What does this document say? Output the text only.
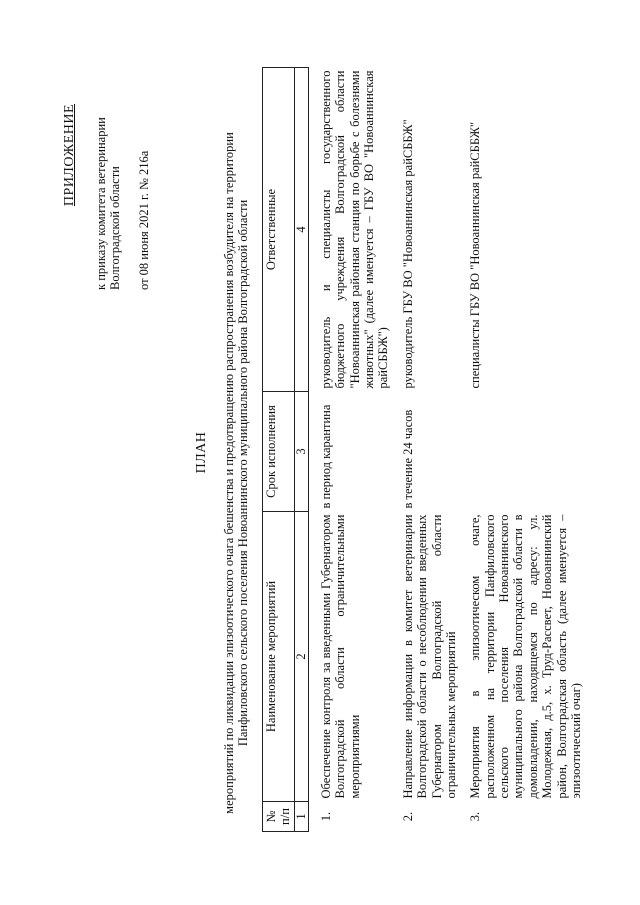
ПРИЛОЖЕНИЕ к приказу комитета ветеринарии Волгоградской области от 08 июня 2021 г. № 216а
ПЛАН мероприятий по ликвидации эпизоотического очага бешенства и предотвращению распространения возбудителя на территории Панфиловского сельского поселения Новоаннинского муниципального района Волгоградской области
№ п/п	Наименование мероприятий	Срок исполнения	Ответственные
1	2	3	4
1.	Обеспечение контроля за введенными Губернатором Волгоградской области ограничительными мероприятиями	в период карантина	руководитель и специалисты государственного бюджетного учреждения Волгоградской области "Новоаннинская районная станция по борьбе с болезнями животных" (далее именуется – ГБУ ВО "Новоаннинская райСББЖ")
2.	Направление информации в комитет ветеринарии Волгоградской области о несоблюдении введенных Губернатором Волгоградской области ограничительных мероприятий	в течение 24 часов	руководитель ГБУ ВО "Новоаннинская райСББЖ"
3.	Мероприятия в эпизоотическом очаге, расположенном на территории Панфиловского сельского поселения Новоаннинского муниципального района Волгоградской области в домовладении, находящемся по адресу: ул. Молодежная, д.5, х. Труд-Рассвет, Новоаннинский район, Волгоградская область (далее именуется – эпизоотический очаг)		специалисты ГБУ ВО "Новоаннинская райСББЖ"
